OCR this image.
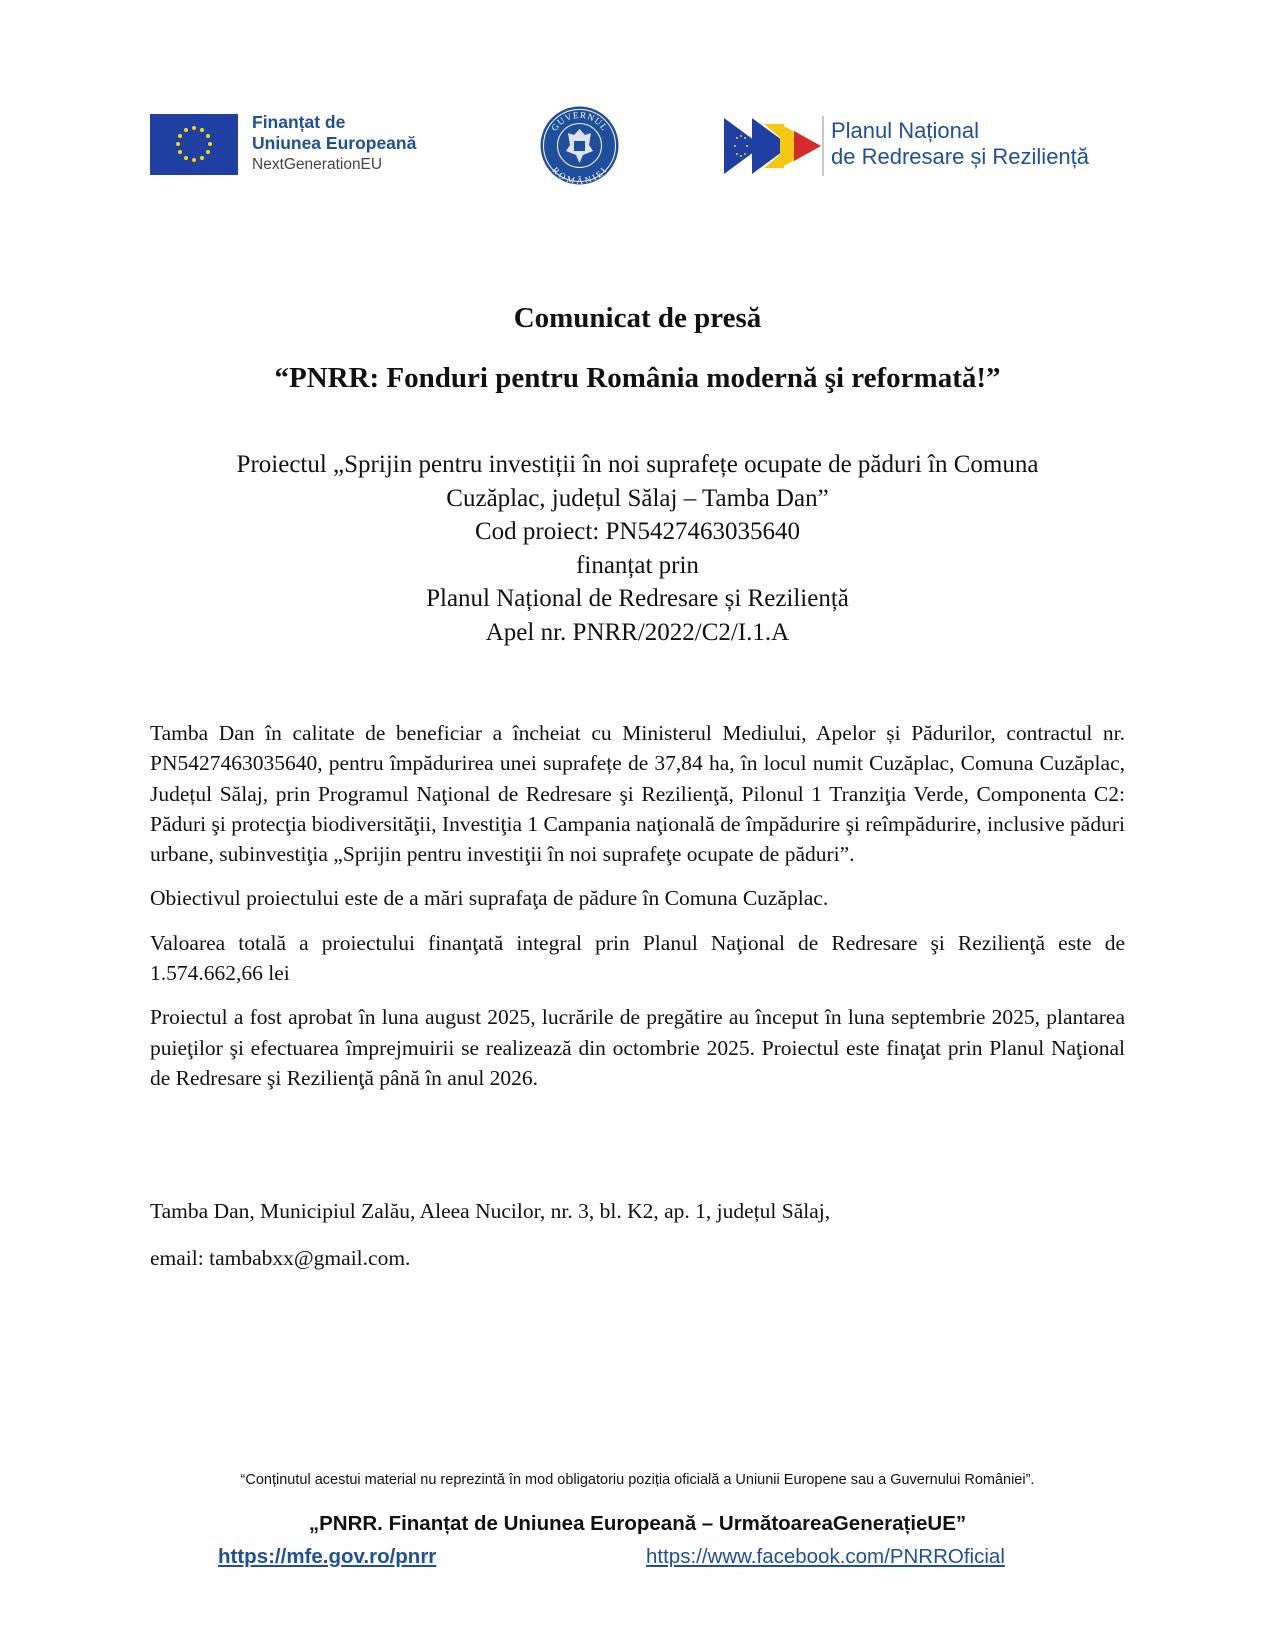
Finanțat de
Uniunea Europeană
NextGenerationEU
GUVERNUL
ROMÂNIEI
Planul Național
de Redresare și Reziliență
Comunicat de presă
“PNRR: Fonduri pentru România modernă şi reformată!”
Proiectul „Sprijin pentru investiții în noi suprafețe ocupate de păduri în Comuna
Cuzăplac, județul Sălaj – Tamba Dan”
Cod proiect: PN5427463035640
finanțat prin
Planul Național de Redresare și Reziliență
Apel nr. PNRR/2022/C2/I.1.A

Tamba Dan în calitate de beneficiar a încheiat cu Ministerul Mediului, Apelor și Pădurilor, contractul nr. PN5427463035640, pentru împădurirea unei suprafețe de 37,84 ha, în locul numit Cuzăplac, Comuna Cuzăplac, Județul Sălaj, prin Programul Naţional de Redresare şi Rezilienţă, Pilonul 1 Tranziţia Verde, Componenta C2: Păduri şi protecţia biodiversităţii, Investiţia 1 Campania naţională de împădurire şi reîmpădurire, inclusive păduri urbane, subinvestiţia „Sprijin pentru investiţii în noi suprafeţe ocupate de păduri”.

Obiectivul proiectului este de a mări suprafaţa de pădure în Comuna Cuzăplac.

Valoarea totală a proiectului finanţată integral prin Planul Naţional de Redresare şi Rezilienţă este de 1.574.662,66 lei

Proiectul a fost aprobat în luna august 2025, lucrările de pregătire au început în luna septembrie 2025, plantarea puieţilor şi efectuarea împrejmuirii se realizează din octombrie 2025. Proiectul este finaţat prin Planul Naţional de Redresare şi Rezilienţă până în anul 2026.

Tamba Dan, Municipiul Zalău, Aleea Nucilor, nr. 3, bl. K2, ap. 1, județul Sălaj,

email: tambabxx@gmail.com.

“Conținutul acestui material nu reprezintă în mod obligatoriu poziția oficială a Uniunii Europene sau a Guvernului României”.
„PNRR. Finanțat de Uniunea Europeană – UrmătoareaGenerațieUE”
https://mfe.gov.ro/pnrr	https://www.facebook.com/PNRROficial
